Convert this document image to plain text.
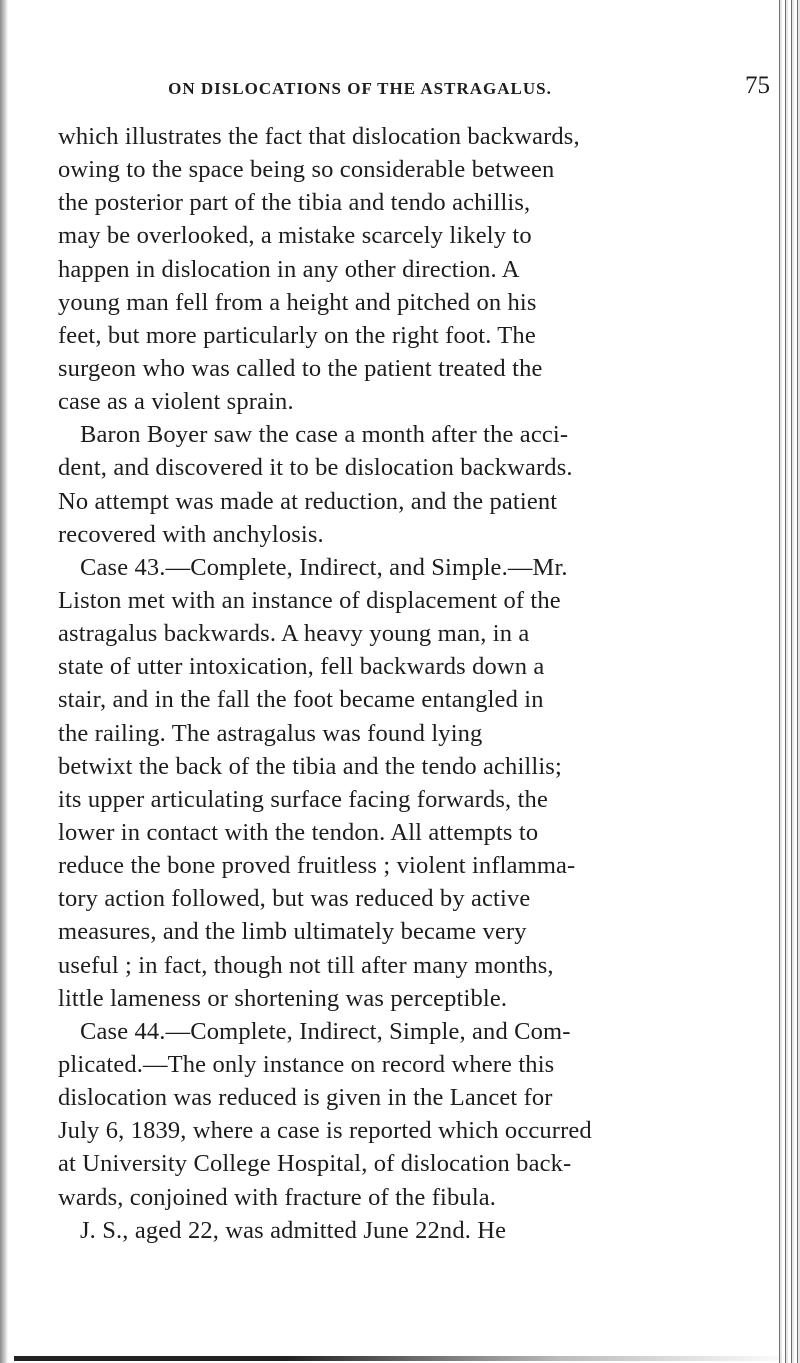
ON DISLOCATIONS OF THE ASTRAGALUS.	75
which illustrates the fact that dislocation backwards,
owing to the space being so considerable between
the posterior part of the tibia and tendo achillis,
may be overlooked, a mistake scarcely likely to
happen in dislocation in any other direction. A
young man fell from a height and pitched on his
feet, but more particularly on the right foot. The
surgeon who was called to the patient treated the
case as a violent sprain.
Baron Boyer saw the case a month after the acci-
dent, and discovered it to be dislocation backwards.
No attempt was made at reduction, and the patient
recovered with anchylosis.
Case 43.—Complete, Indirect, and Simple.—Mr.
Liston met with an instance of displacement of the
astragalus backwards. A heavy young man, in a
state of utter intoxication, fell backwards down a
stair, and in the fall the foot became entangled in
the railing. The astragalus was found lying
betwixt the back of the tibia and the tendo achillis;
its upper articulating surface facing forwards, the
lower in contact with the tendon. All attempts to
reduce the bone proved fruitless ; violent inflamma-
tory action followed, but was reduced by active
measures, and the limb ultimately became very
useful ; in fact, though not till after many months,
little lameness or shortening was perceptible.
Case 44.—Complete, Indirect, Simple, and Com-
plicated.—The only instance on record where this
dislocation was reduced is given in the Lancet for
July 6, 1839, where a case is reported which occurred
at University College Hospital, of dislocation back-
wards, conjoined with fracture of the fibula.
J. S., aged 22, was admitted June 22nd. He
